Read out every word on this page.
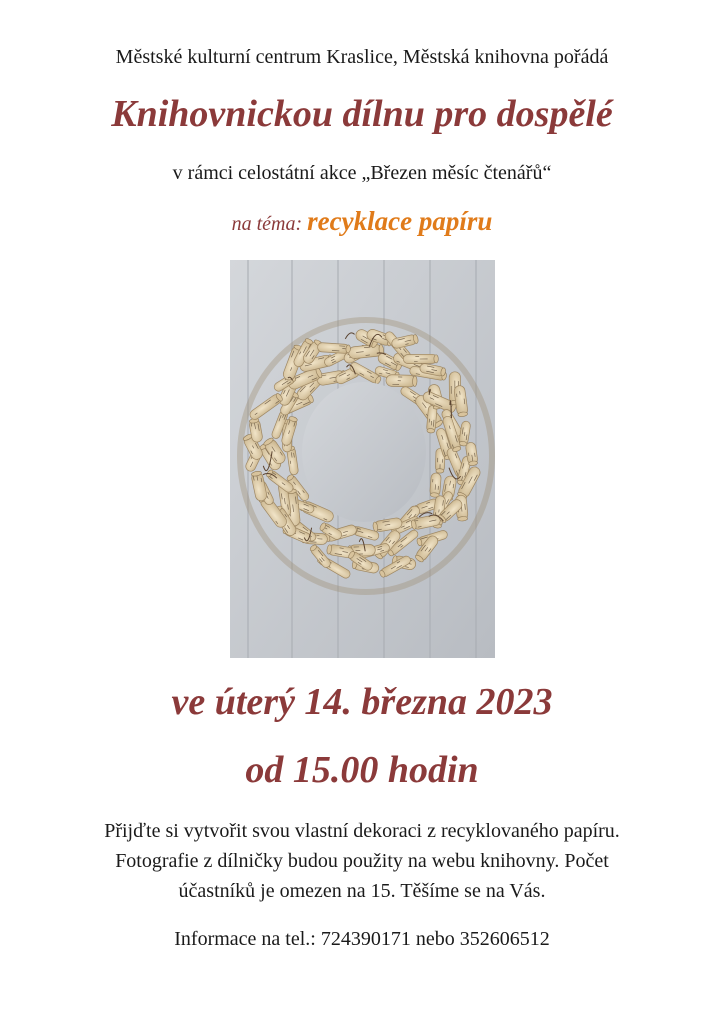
Městské kulturní centrum Kraslice, Městská knihovna pořádá
Knihovnickou dílnu pro dospělé
v rámci celostátní akce „Březen měsíc čtenářů“
na téma: recyklace papíru
ve úterý 14. března 2023
od 15.00 hodin
Přijďte si vytvořit svou vlastní dekoraci z recyklovaného papíru.
Fotografie z dílničky budou použity na webu knihovny. Počet
účastníků je omezen na 15. Těšíme se na Vás.
Informace na tel.: 724390171 nebo 352606512
